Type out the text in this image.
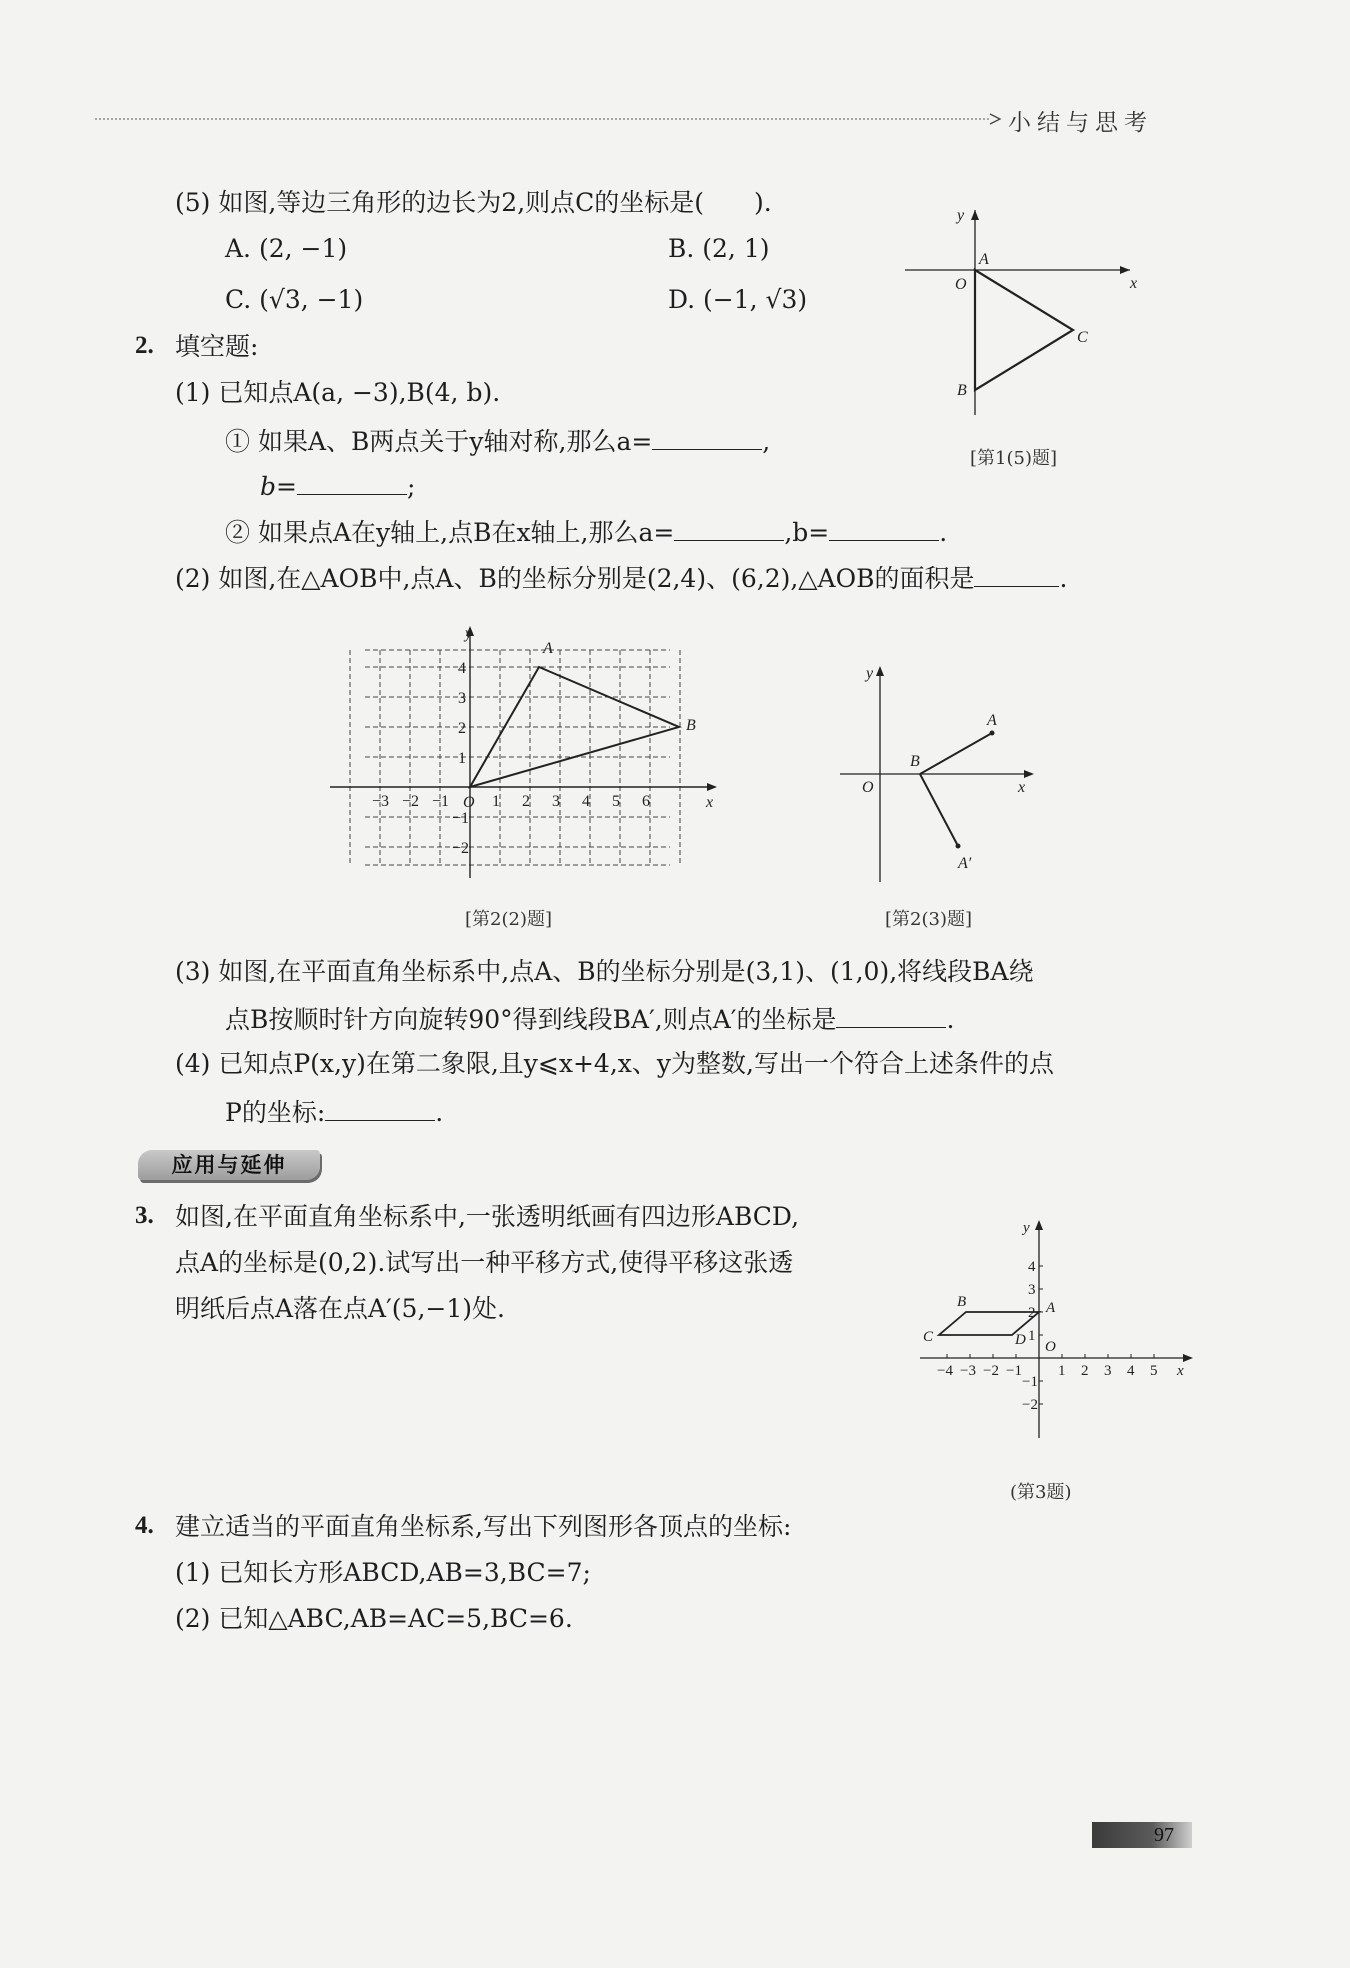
小结与思考
(5) 如图,等边三角形的边长为2,则点C的坐标是(　　).
A. (2, −1)	B. (2, 1)
C. (√3, −1)	D. (−1, √3)
x
y
O
A
B
C
[第1(5)题]
2. 填空题:
(1) 已知点A(a, −3),B(4, b).
① 如果A、B两点关于y轴对称,那么a=	,
b=	;
② 如果点A在y轴上,点B在x轴上,那么a=	,b=	.
(2) 如图,在△AOB中,点A、B的坐标分别是(2,4)、(6,2),△AOB的面积是	.
−3 −2 −1	1 2 3 4 5 6
4
3
2
1
−1
−2
x
y
O
A
B
[第2(2)题]
x
y
O
A
B
A′
[第2(3)题]
(3) 如图,在平面直角坐标系中,点A、B的坐标分别是(3,1)、(1,0),将线段BA绕
点B按顺时针方向旋转90°得到线段BA′,则点A′的坐标是	.
(4) 已知点P(x,y)在第二象限,且y⩽x+4,x、y为整数,写出一个符合上述条件的点
P的坐标:	.
应用与延伸
3. 如图,在平面直角坐标系中,一张透明纸画有四边形ABCD,
点A的坐标是(0,2).试写出一种平移方式,使得平移这张透
明纸后点A落在点A′(5,−1)处.
−4 −3 −2 −1 1 2 3 4 5
4
3
2
1
−1
−2
x
y
O
A
B
C	D
(第3题)
4. 建立适当的平面直角坐标系,写出下列图形各顶点的坐标:
(1) 已知长方形ABCD,AB=3,BC=7;
(2) 已知△ABC,AB=AC=5,BC=6.
97
